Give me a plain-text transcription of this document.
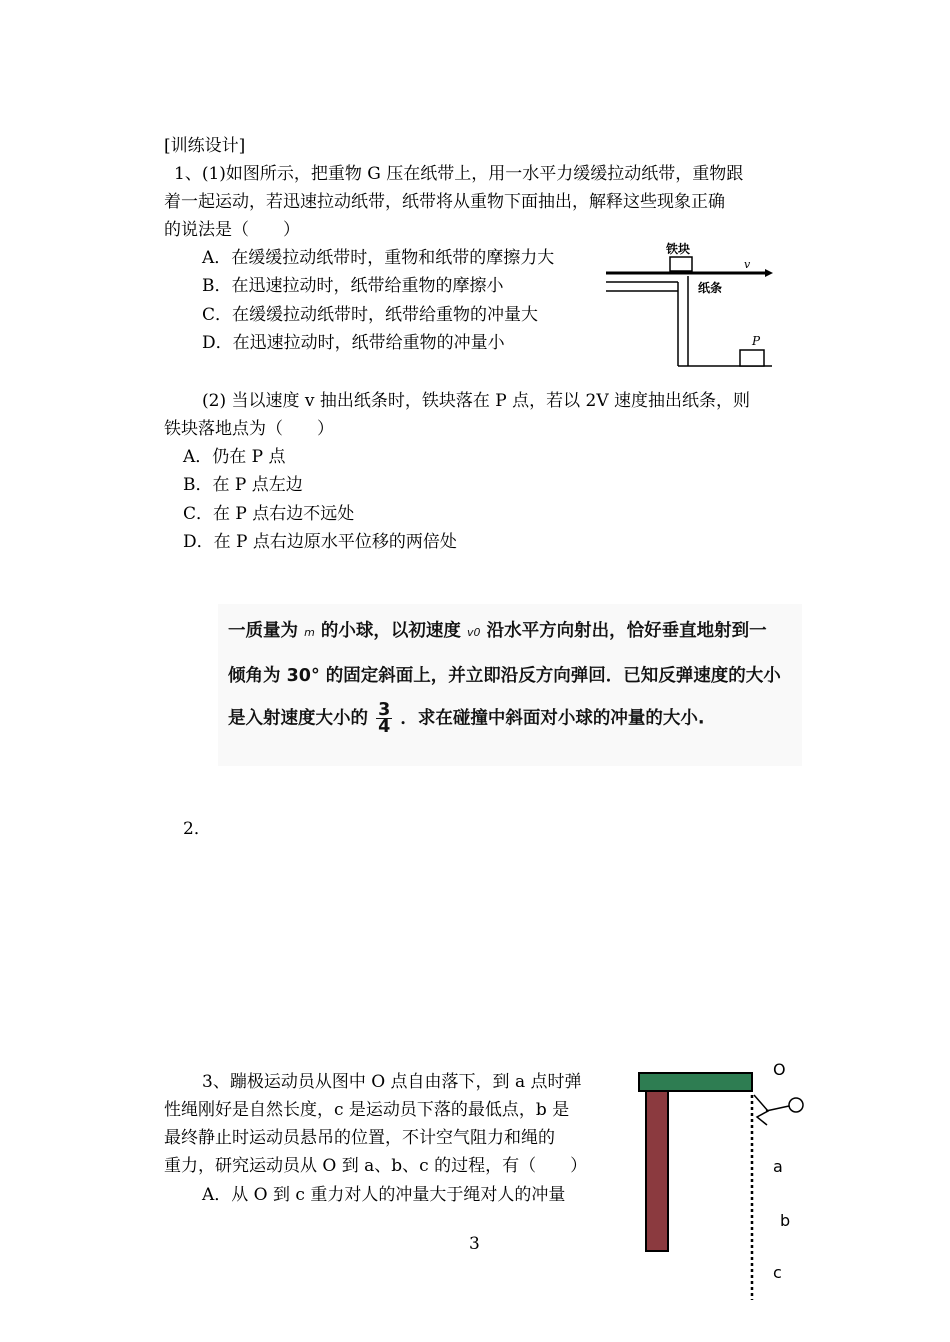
[训练设计]
1、(1)如图所示，把重物 G 压在纸带上，用一水平力缓缓拉动纸带，重物跟
着一起运动，若迅速拉动纸带，纸带将从重物下面抽出，解释这些现象正确
的说法是（　　）
A．在缓缓拉动纸带时，重物和纸带的摩擦力大
B．在迅速拉动时，纸带给重物的摩擦小
C．在缓缓拉动纸带时，纸带给重物的冲量大
D．在迅速拉动时，纸带给重物的冲量小
铁块
纸条
v
P
(2) 当以速度 v 抽出纸条时，铁块落在 P 点，若以 2V 速度抽出纸条，则
铁块落地点为（　　）
A．仍在 P 点
B．在 P 点左边
C．在 P 点右边不远处
D．在 P 点右边原水平位移的两倍处
一质量为 m 的小球，以初速度 v0 沿水平方向射出，恰好垂直地射到一
倾角为 30° 的固定斜面上，并立即沿反方向弹回．已知反弹速度的大小
是入射速度大小的 $\frac{3}{4}$ ．求在碰撞中斜面对小球的冲量的大小.
2．
3、蹦极运动员从图中 O 点自由落下，到 a 点时弹
性绳刚好是自然长度，c 是运动员下落的最低点，b 是
最终静止时运动员悬吊的位置，不计空气阻力和绳的
重力，研究运动员从 O 到 a、b、c 的过程，有（　　）
A．从 O 到 c 重力对人的冲量大于绳对人的冲量
3
O
a
b
c
